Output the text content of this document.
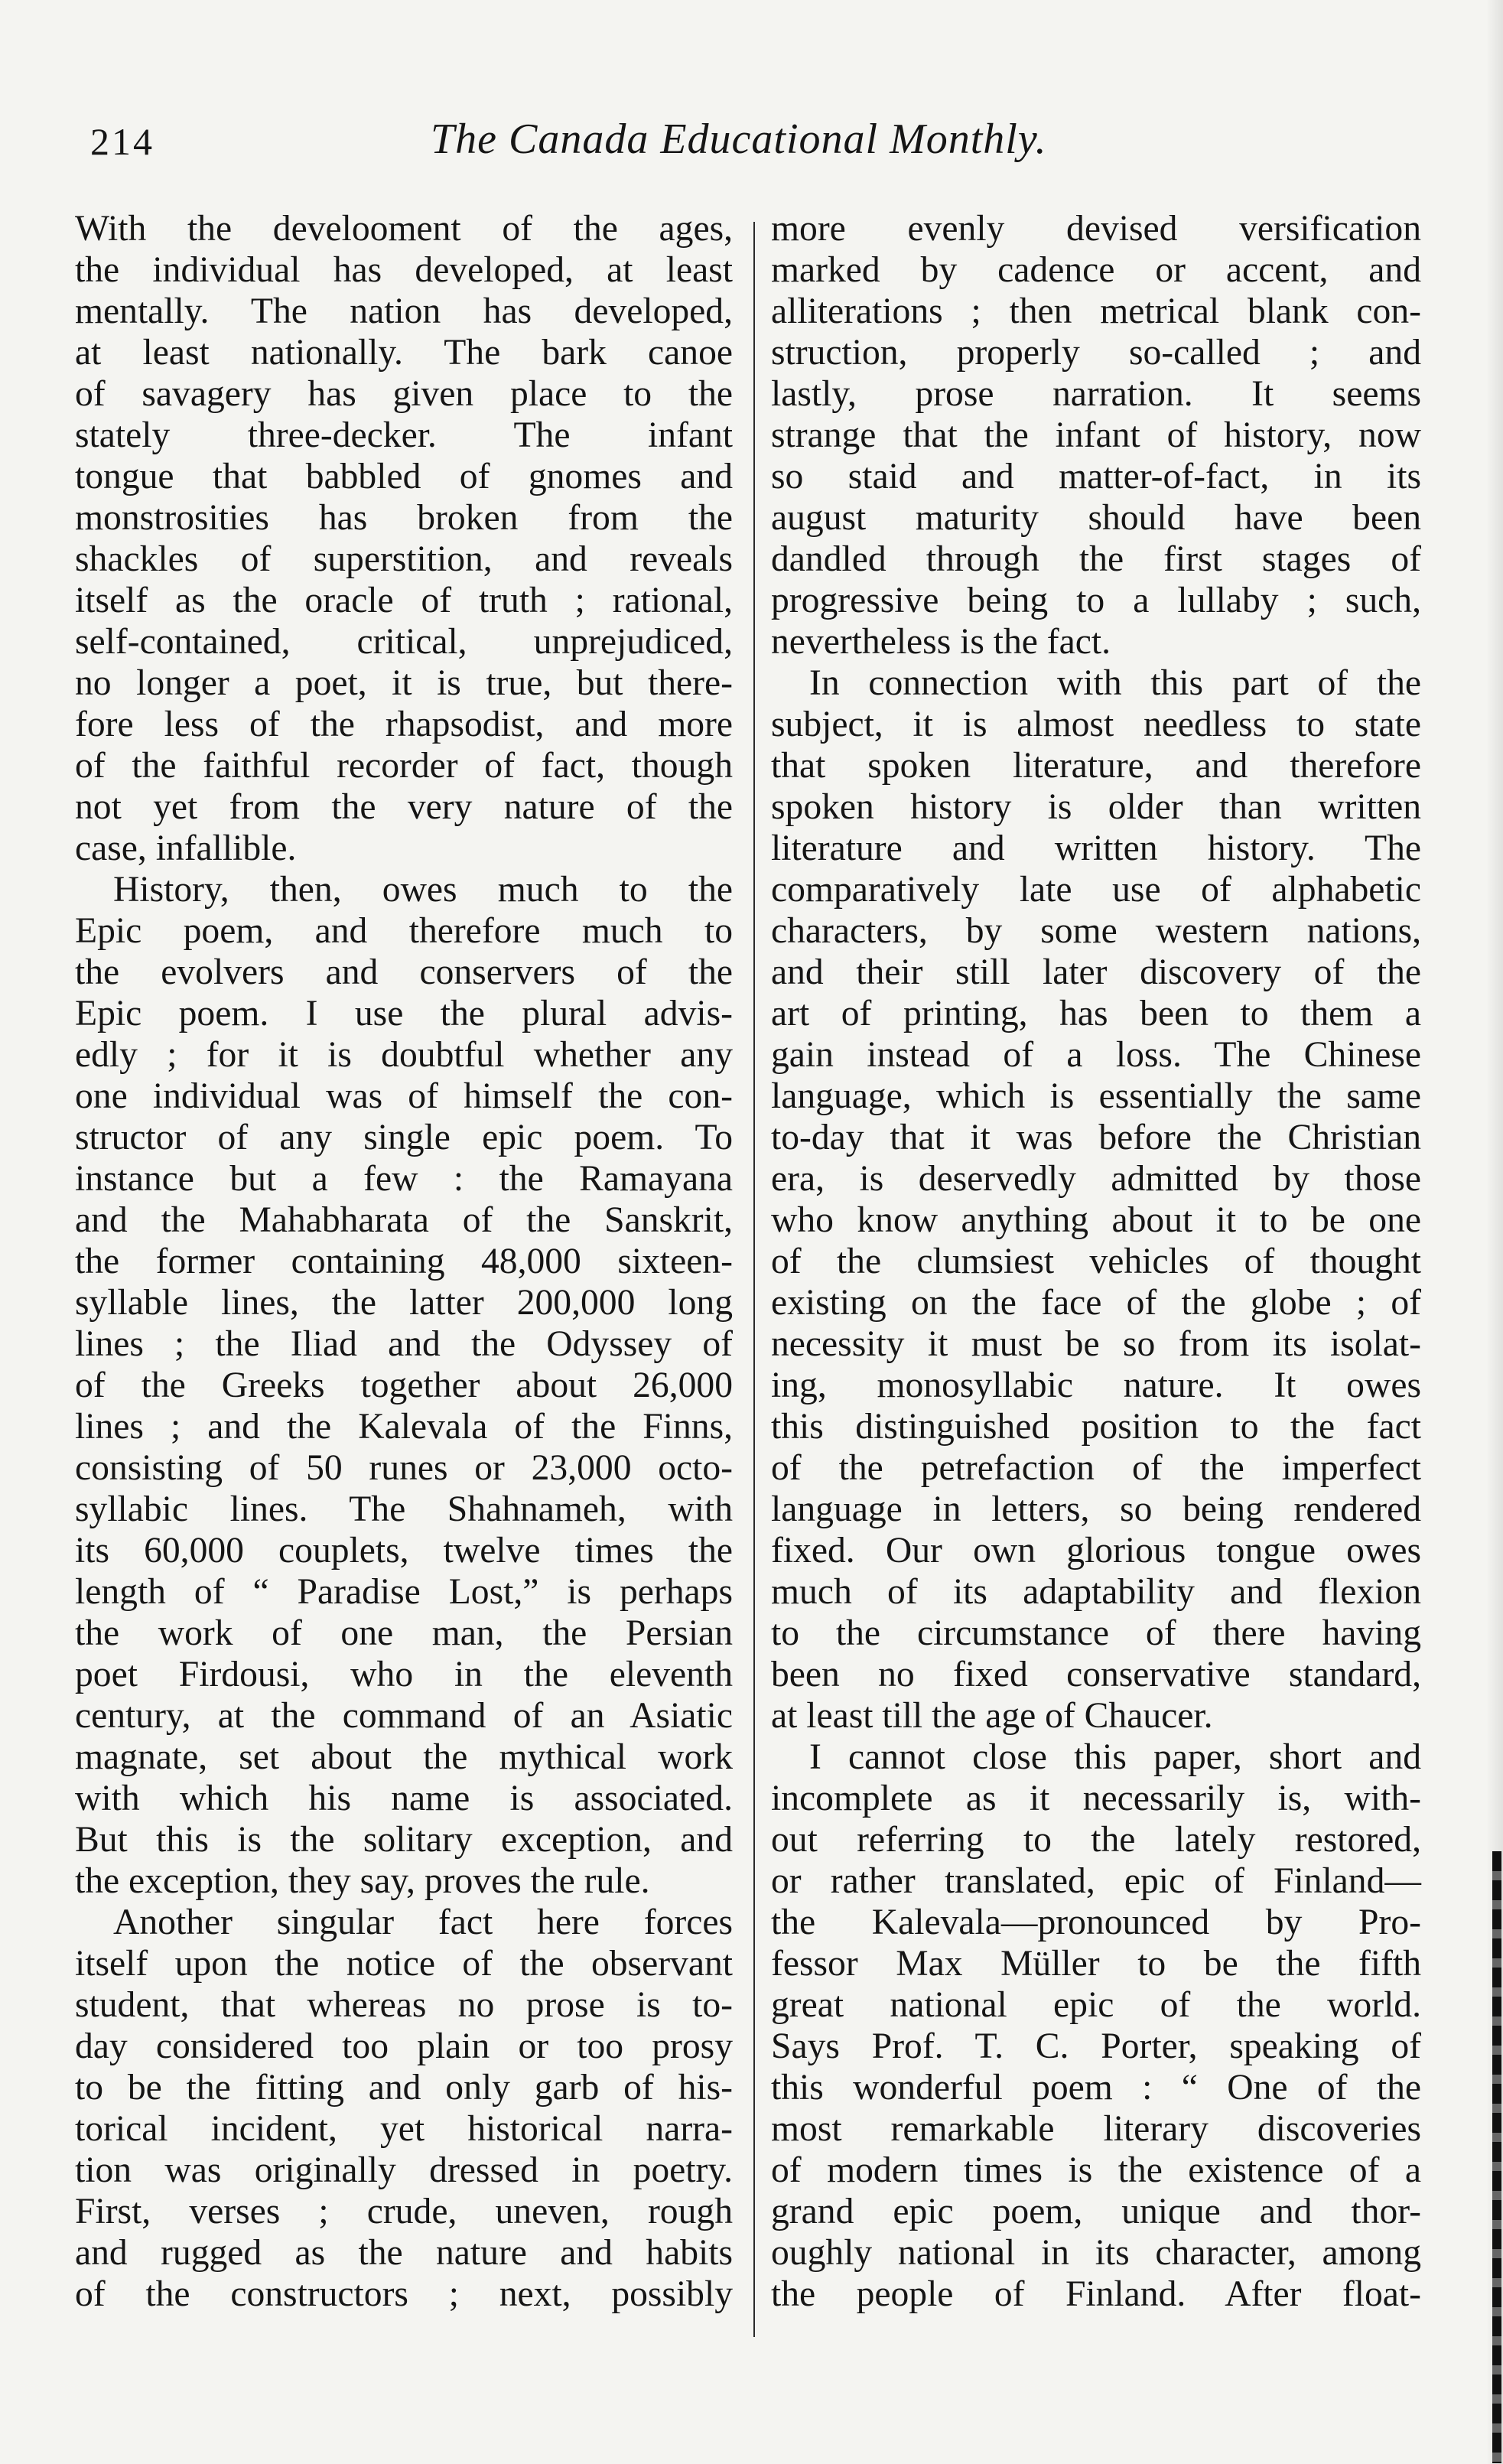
214	The Canada Educational Monthly.
With the develoоment of the ages,
the individual has developed, at least
mentally. The nation has developed,
at least nationally. The bark canoe
of savagery has given place to the
stately three-decker. The infant
tongue that babbled of gnomes and
monstrosities has broken from the
shackles of superstition, and reveals
itself as the oracle of truth ; rational,
self-contained, critical, unprejudiced,
no longer a poet, it is true, but there-
fore less of the rhapsodist, and more
of the faithful recorder of fact, though
not yet from the very nature of the
case, infallible.
History, then, owes much to the
Epic poem, and therefore much to
the evolvers and conservers of the
Epic poem. I use the plural advis-
edly ; for it is doubtful whether any
one individual was of himself the con-
structor of any single epic poem. To
instance but a few : the Ramayana
and the Mahabharata of the Sanskrit,
the former containing 48,000 sixteen-
syllable lines, the latter 200,000 long
lines ; the Iliad and the Odyssey of
of the Greeks together about 26,000
lines ; and the Kalevala of the Finns,
consisting of 50 runes or 23,000 octo-
syllabic lines. The Shahnameh, with
its 60,000 couplets, twelve times the
length of “ Paradise Lost,” is perhaps
the work of one man, the Persian
poet Firdousi, who in the eleventh
century, at the command of an Asiatic
magnate, set about the mythical work
with which his name is associated.
But this is the solitary exception, and
the exception, they say, proves the rule.
Another singular fact here forces
itself upon the notice of the observant
student, that whereas no prose is to-
day considered too plain or too prosy
to be the fitting and only garb of his-
torical incident, yet historical narra-
tion was originally dressed in poetry.
First, verses ; crude, uneven, rough
and rugged as the nature and habits
of the constructors ; next, possibly
more evenly devised versification
marked by cadence or accent, and
alliterations ; then metrical blank con-
struction, properly so-called ; and
lastly, prose narration. It seems
strange that the infant of history, now
so staid and matter-of-fact, in its
august maturity should have been
dandled through the first stages of
progressive being to a lullaby ; such,
nevertheless is the fact.
In connection with this part of the
subject, it is almost needless to state
that spoken literature, and therefore
spoken history is older than written
literature and written history. The
comparatively late use of alphabetic
characters, by some western nations,
and their still later discovery of the
art of printing, has been to them a
gain instead of a loss. The Chinese
language, which is essentially the same
to-day that it was before the Christian
era, is deservedly admitted by those
who know anything about it to be one
of the clumsiest vehicles of thought
existing on the face of the globe ; of
necessity it must be so from its isolat-
ing, monosyllabic nature. It owes
this distinguished position to the fact
of the petrefaction of the imperfect
language in letters, so being rendered
fixed. Our own glorious tongue owes
much of its adaptability and flexion
to the circumstance of there having
been no fixed conservative standard,
at least till the age of Chaucer.
I cannot close this paper, short and
incomplete as it necessarily is, with-
out referring to the lately restored,
or rather translated, epic of Finland—
the Kalevala—pronounced by Pro-
fessor Max Müller to be the fifth
great national epic of the world.
Says Prof. T. C. Porter, speaking of
this wonderful poem : “ One of the
most remarkable literary discoveries
of modern times is the existence of a
grand epic poem, unique and thor-
oughly national in its character, among
the people of Finland. After float-
